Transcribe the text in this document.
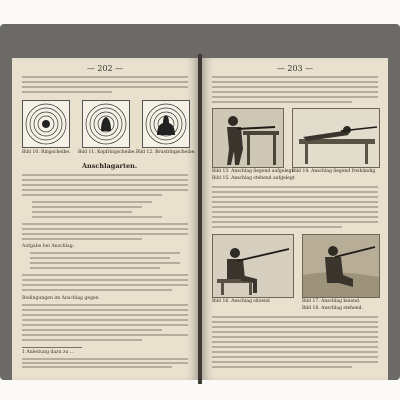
— 202 —
Bild 10. Ringscheibe. Bild 11. Kopfringscheibe. Bild 12. Brustringscheibe.
Anschlagarten.
Aufgabe bei Anschlag:
Bedingungen im Anschlag gegen
1 Anleitung dazu zu ...
— 203 —
Bild 13. Anschlag liegend aufgelegt
Bild 14. Anschlag liegend freihändig
Bild 15. Anschlag stehend aufgelegt
Bild 16. Anschlag sitzend	Bild 17. Anschlag kniend.
Bild 18. Anschlag stehend.
